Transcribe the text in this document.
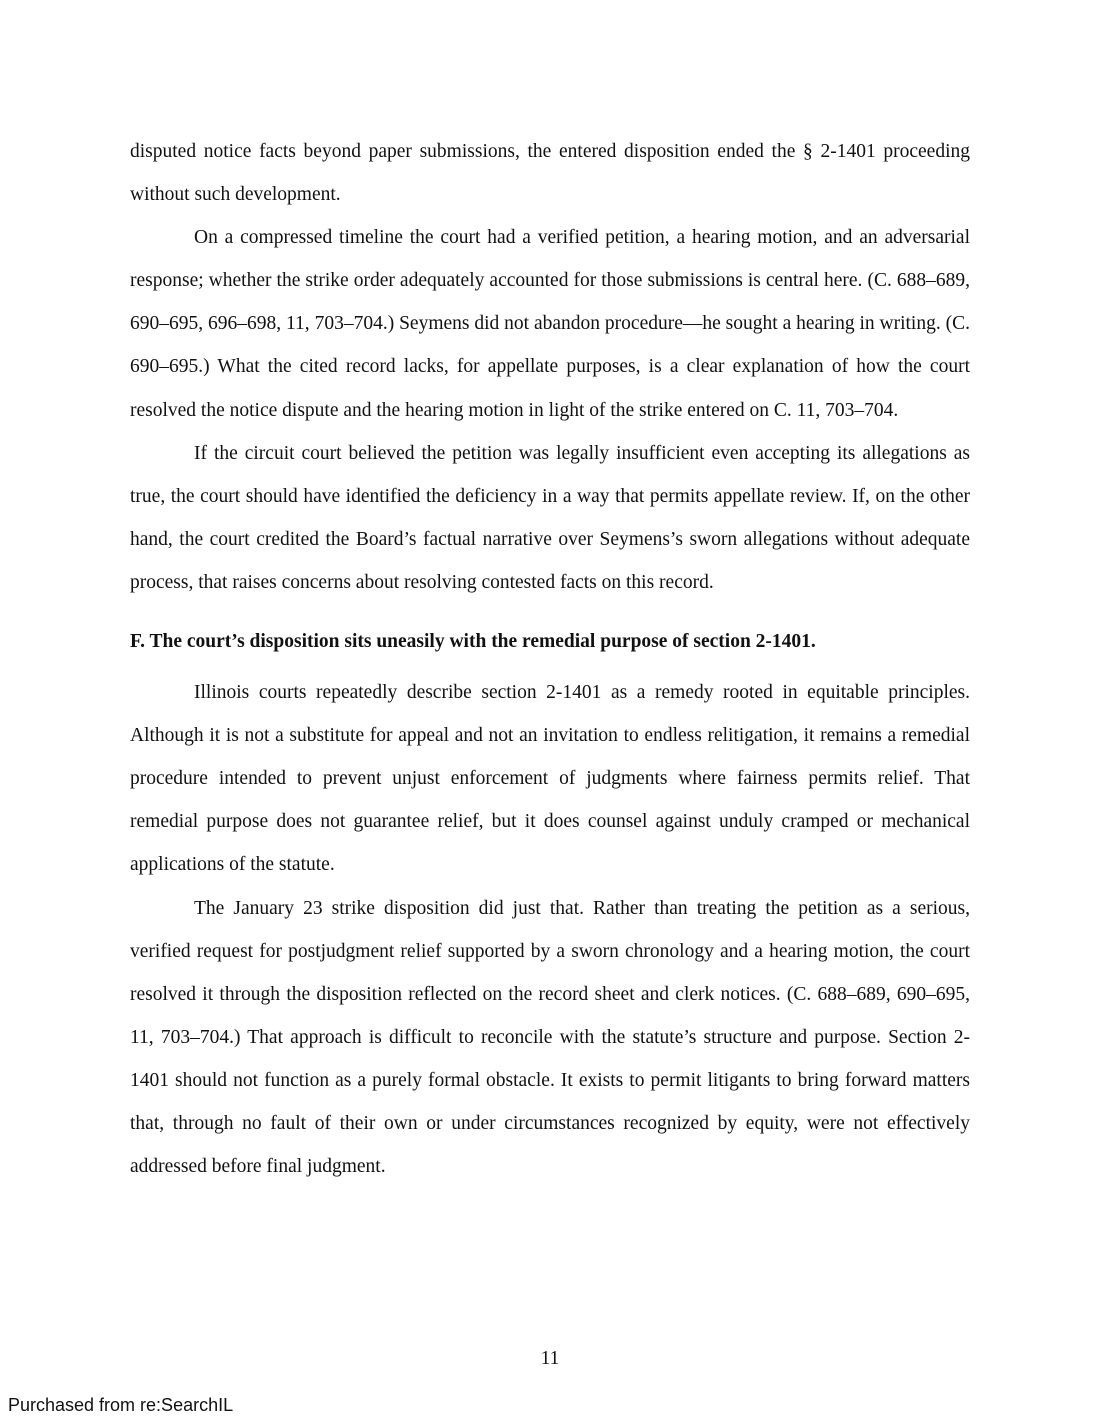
disputed notice facts beyond paper submissions, the entered disposition ended the § 2-1401 proceeding without such development.

On a compressed timeline the court had a verified petition, a hearing motion, and an adversarial response; whether the strike order adequately accounted for those submissions is central here. (C. 688–689, 690–695, 696–698, 11, 703–704.) Seymens did not abandon procedure—he sought a hearing in writing. (C. 690–695.) What the cited record lacks, for appellate purposes, is a clear explanation of how the court resolved the notice dispute and the hearing motion in light of the strike entered on C. 11, 703–704.

If the circuit court believed the petition was legally insufficient even accepting its allegations as true, the court should have identified the deficiency in a way that permits appellate review. If, on the other hand, the court credited the Board’s factual narrative over Seymens’s sworn allegations without adequate process, that raises concerns about resolving contested facts on this record.

F. The court’s disposition sits uneasily with the remedial purpose of section 2-1401.

Illinois courts repeatedly describe section 2-1401 as a remedy rooted in equitable principles. Although it is not a substitute for appeal and not an invitation to endless relitigation, it remains a remedial procedure intended to prevent unjust enforcement of judgments where fairness permits relief. That remedial purpose does not guarantee relief, but it does counsel against unduly cramped or mechanical applications of the statute.

The January 23 strike disposition did just that. Rather than treating the petition as a serious, verified request for postjudgment relief supported by a sworn chronology and a hearing motion, the court resolved it through the disposition reflected on the record sheet and clerk notices. (C. 688–689, 690–695, 11, 703–704.) That approach is difficult to reconcile with the statute’s structure and purpose. Section 2-1401 should not function as a purely formal obstacle. It exists to permit litigants to bring forward matters that, through no fault of their own or under circumstances recognized by equity, were not effectively addressed before final judgment.

11
Purchased from re:SearchIL
